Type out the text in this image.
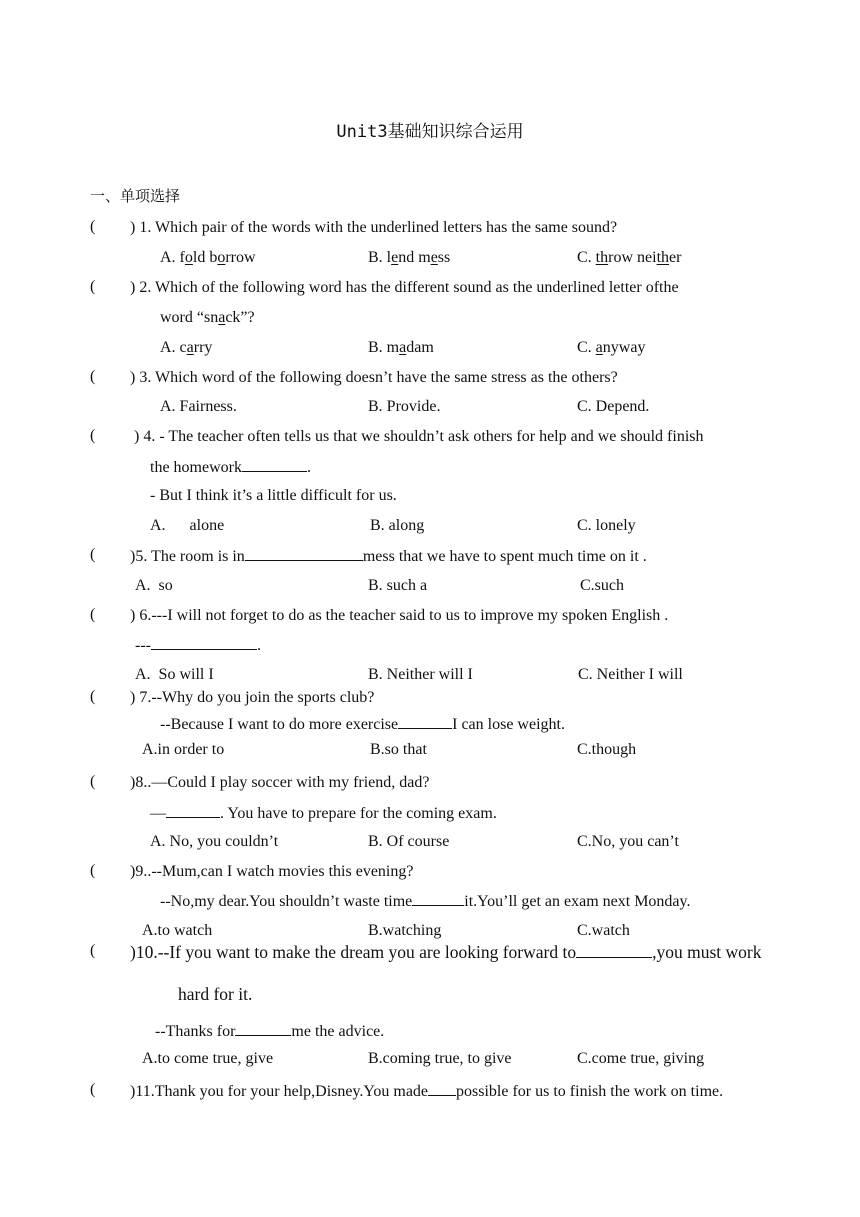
Unit3基础知识综合运用
一、单项选择
( ) 1. Which pair of the words with the underlined letters has the same sound?
A. fold borrow	B. lend mess	C. throw neither
( ) 2. Which of the following word has the different sound as the underlined letter ofthe
word “snack”?
A. carry	B. madam	C. anyway
( ) 3. Which word of the following doesn’t have the same stress as the others?
A. Fairness.	B. Provide.	C. Depend.
( ) 4. - The teacher often tells us that we shouldn’t ask others for help and we should finish
the homework	.
- But I think it’s a little difficult for us.
A.      alone	B. along	C. lonely
( )5. The room is in	mess that we have to spent much time on it .
A.  so	B. such a	C.such
( ) 6.---I will not forget to do as the teacher said to us to improve my spoken English .
---	.
A.  So will I	B. Neither will I	C. Neither I will
( ) 7.--Why do you join the sports club?
--Because I want to do more exercise	I can lose weight.
A.in order to	B.so that	C.though
( )8..—Could I play soccer with my friend, dad?
—	. You have to prepare for the coming exam.
A. No, you couldn’t	B. Of course	C.No, you can’t
( )9..--Mum,can I watch movies this evening?
--No,my dear.You shouldn’t waste time	it.You’ll get an exam next Monday.
A.to watch	B.watching	C.watch
( )10.--If you want to make the dream you are looking forward to	,you must work
hard for it.
--Thanks for	me the advice.
A.to come true, give	B.coming true, to give	C.come true, giving
( )11.Thank you for your help,Disney.You made possible for us to finish the work on time.
